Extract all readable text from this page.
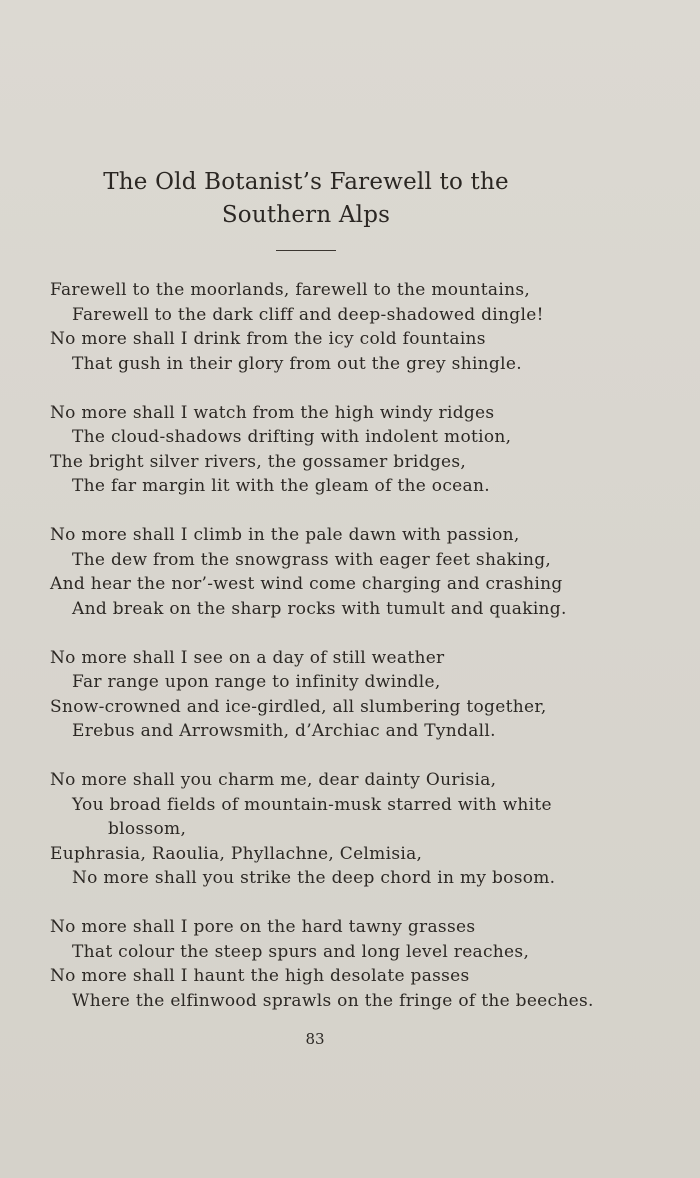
The Old Botanist’s Farewell to the
Southern Alps
Farewell to the moorlands, farewell to the mountains,
Farewell to the dark cliff and deep-shadowed dingle!
No more shall I drink from the icy cold fountains
That gush in their glory from out the grey shingle.
No more shall I watch from the high windy ridges
The cloud-shadows drifting with indolent motion,
The bright silver rivers, the gossamer bridges,
The far margin lit with the gleam of the ocean.
No more shall I climb in the pale dawn with passion,
The dew from the snowgrass with eager feet shaking,
And hear the nor’-west wind come charging and crashing
And break on the sharp rocks with tumult and quaking.
No more shall I see on a day of still weather
Far range upon range to infinity dwindle,
Snow-crowned and ice-girdled, all slumbering together,
Erebus and Arrowsmith, d’Archiac and Tyndall.
No more shall you charm me, dear dainty Ourisia,
You broad fields of mountain-musk starred with white
blossom,
Euphrasia, Raoulia, Phyllachne, Celmisia,
No more shall you strike the deep chord in my bosom.
No more shall I pore on the hard tawny grasses
That colour the steep spurs and long level reaches,
No more shall I haunt the high desolate passes
Where the elfinwood sprawls on the fringe of the beeches.
83
